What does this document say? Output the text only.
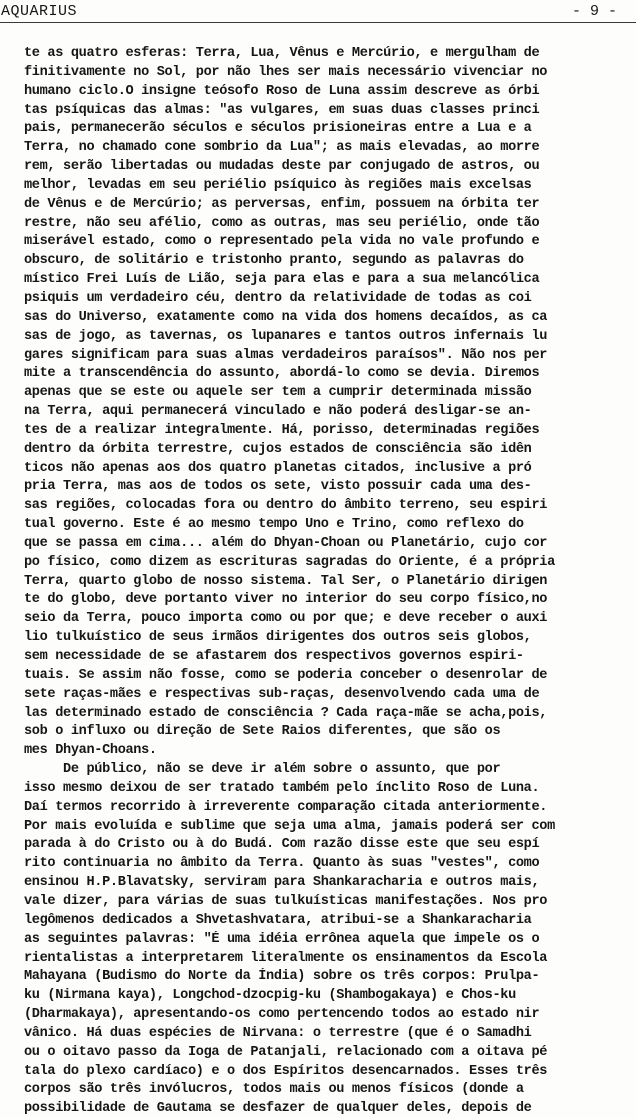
AQUARIUS	- 9 -
te as quatro esferas: Terra, Lua, Vênus e Mercúrio, e mergulham de
finitivamente no Sol, por não lhes ser mais necessário vivenciar no
humano ciclo.O insigne teósofo Roso de Luna assim descreve as órbi
tas psíquicas das almas: "as vulgares, em suas duas classes princi
pais, permanecerão séculos e séculos prisioneiras entre a Lua e a
Terra, no chamado cone sombrio da Lua"; as mais elevadas, ao morre
rem, serão libertadas ou mudadas deste par conjugado de astros, ou
melhor, levadas em seu periélio psíquico às regiões mais excelsas
de Vênus e de Mercúrio; as perversas, enfim, possuem na órbita ter
restre, não seu afélio, como as outras, mas seu periélio, onde tão
miserável estado, como o representado pela vida no vale profundo e
obscuro, de solitário e tristonho pranto, segundo as palavras do
místico Frei Luís de Lião, seja para elas e para a sua melancólica
psiquis um verdadeiro céu, dentro da relatividade de todas as coi
sas do Universo, exatamente como na vida dos homens decaídos, as ca
sas de jogo, as tavernas, os lupanares e tantos outros infernais lu
gares significam para suas almas verdadeiros paraísos". Não nos per
mite a transcendência do assunto, abordá-lo como se devia. Diremos
apenas que se este ou aquele ser tem a cumprir determinada missão
na Terra, aqui permanecerá vinculado e não poderá desligar-se an-
tes de a realizar integralmente. Há, porisso, determinadas regiões
dentro da órbita terrestre, cujos estados de consciência são idên
ticos não apenas aos dos quatro planetas citados, inclusive a pró
pria Terra, mas aos de todos os sete, visto possuir cada uma des-
sas regiões, colocadas fora ou dentro do âmbito terreno, seu espiri
tual governo. Este é ao mesmo tempo Uno e Trino, como reflexo do
que se passa em cima... além do Dhyan-Choan ou Planetário, cujo cor
po físico, como dizem as escrituras sagradas do Oriente, é a própria
Terra, quarto globo de nosso sistema. Tal Ser, o Planetário dirigen
te do globo, deve portanto viver no interior do seu corpo físico,no
seio da Terra, pouco importa como ou por que; e deve receber o auxi
lio tulkuístico de seus irmãos dirigentes dos outros seis globos,
sem necessidade de se afastarem dos respectivos governos espiri-
tuais. Se assim não fosse, como se poderia conceber o desenrolar de
sete raças-mães e respectivas sub-raças, desenvolvendo cada uma de
las determinado estado de consciência ? Cada raça-mãe se acha,pois,
sob o influxo ou direção de Sete Raios diferentes, que são os
mes Dhyan-Choans.
De público, não se deve ir além sobre o assunto, que por
isso mesmo deixou de ser tratado também pelo ínclito Roso de Luna.
Daí termos recorrido à irreverente comparação citada anteriormente.
Por mais evoluída e sublime que seja uma alma, jamais poderá ser com
parada à do Cristo ou à do Budá. Com razão disse este que seu espí
rito continuaria no âmbito da Terra. Quanto às suas "vestes", como
ensinou H.P.Blavatsky, serviram para Shankaracharia e outros mais,
vale dizer, para várias de suas tulkuísticas manifestações. Nos pro
legômenos dedicados a Shvetashvatara, atribui-se a Shankaracharia
as seguintes palavras: "É uma idéia errônea aquela que impele os o
rientalistas a interpretarem literalmente os ensinamentos da Escola
Mahayana (Budismo do Norte da Índia) sobre os três corpos: Prulpa-
ku (Nirmana kaya), Longchod-dzocpig-ku (Shambogakaya) e Chos-ku
(Dharmakaya), apresentando-os como pertencendo todos ao estado nir
vânico. Há duas espécies de Nirvana: o terrestre (que é o Samadhi
ou o oitavo passo da Ioga de Patanjali, relacionado com a oitava pé
tala do plexo cardíaco) e o dos Espíritos desencarnados. Esses três
corpos são três invólucros, todos mais ou menos físicos (donde a
possibilidade de Gautama se desfazer de qualquer deles, depois de
